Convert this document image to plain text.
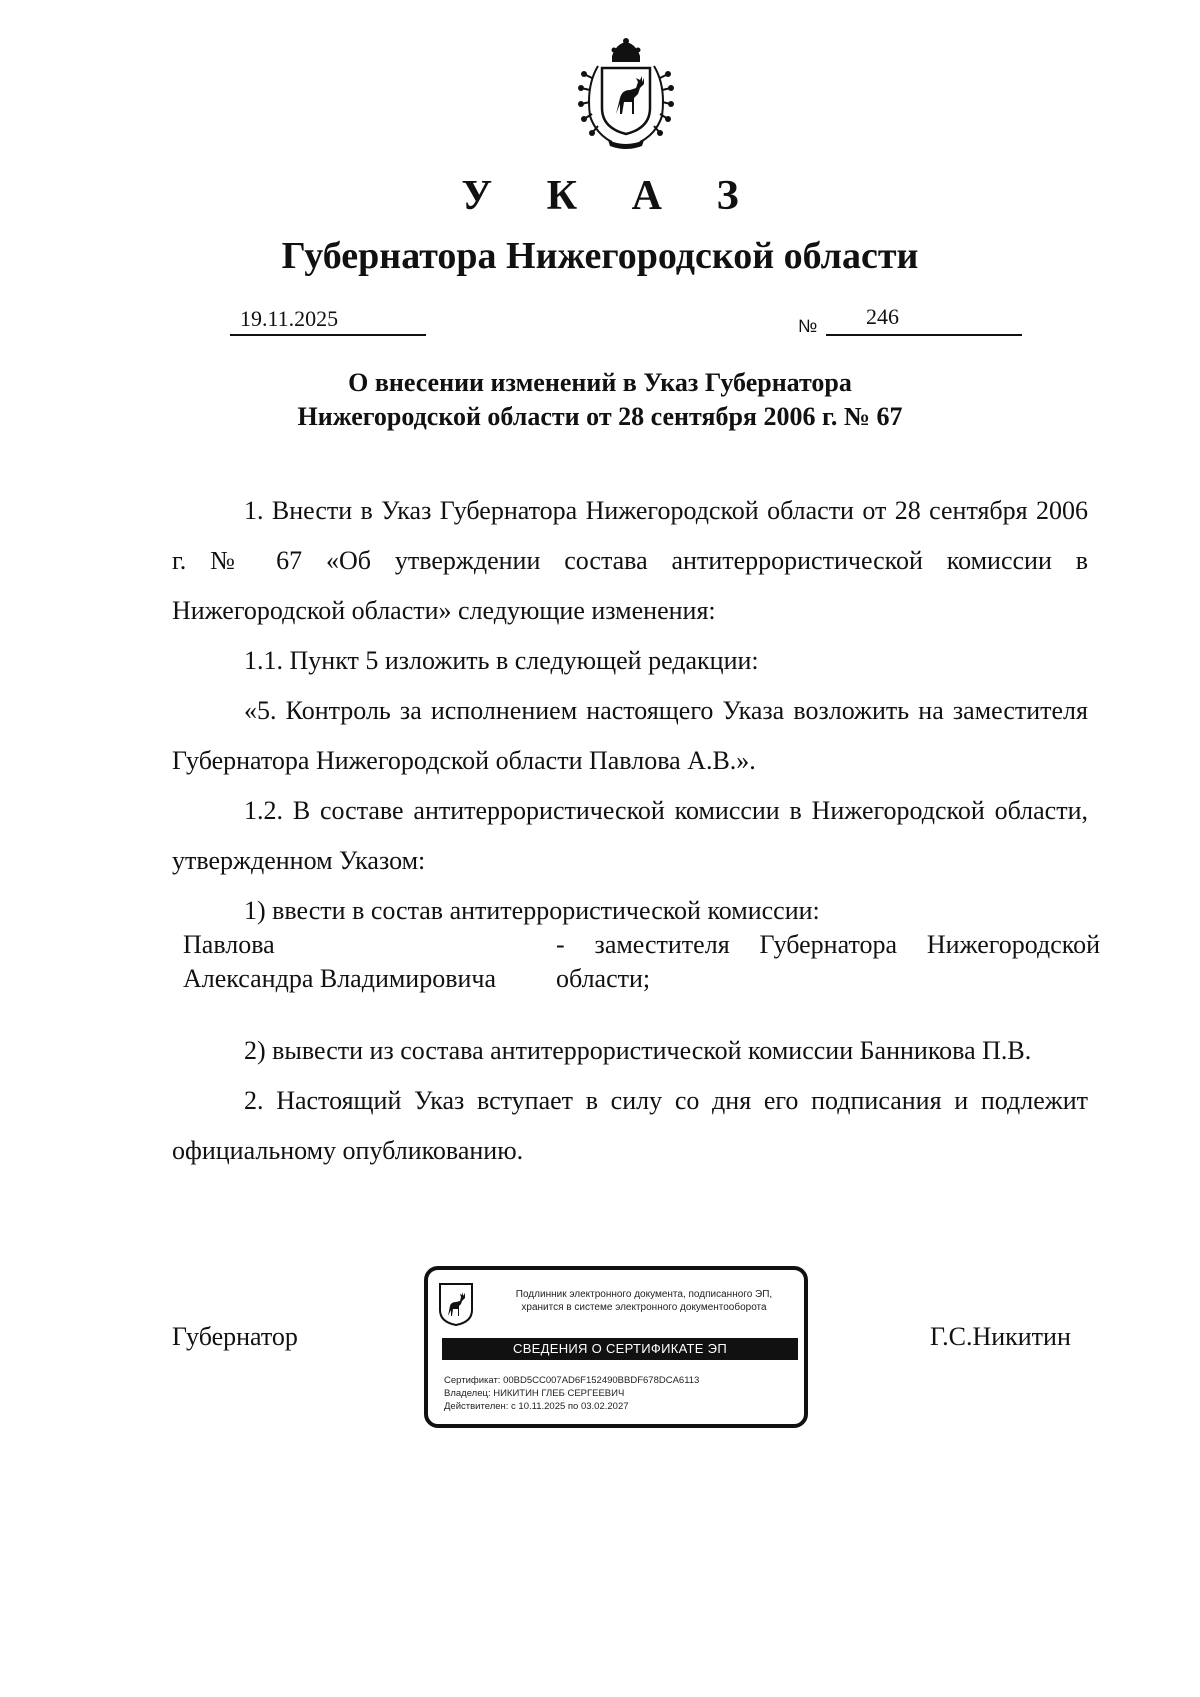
У К А З
Губернатора Нижегородской области
19.11.2025	№ 246
О внесении изменений в Указ Губернатора
Нижегородской области от 28 сентября 2006 г. № 67

1. Внести в Указ Губернатора Нижегородской области от 28 сентября 2006 г. № 67 «Об утверждении состава антитеррористической комиссии в Нижегородской области» следующие изменения:

1.1. Пункт 5 изложить в следующей редакции:

«5. Контроль за исполнением настоящего Указа возложить на заместителя Губернатора Нижегородской области Павлова А.В.».

1.2. В составе антитеррористической комиссии в Нижегородской области, утвержденном Указом:

1) ввести в состав антитеррористической комиссии:

Павлова
Александра Владимировича

- заместителя Губернатора Нижегородской области;

2) вывести из состава антитеррористической комиссии Банникова П.В.

2. Настоящий Указ вступает в силу со дня его подписания и подлежит официальному опубликованию.

Губернатор	Г.С.Никитин
Подлинник электронного документа, подписанного ЭП,
хранится в системе электронного документооборота
СВЕДЕНИЯ О СЕРТИФИКАТЕ ЭП
Сертификат: 00BD5CC007AD6F152490BBDF678DCA6113
Владелец: НИКИТИН ГЛЕБ СЕРГЕЕВИЧ
Действителен: с 10.11.2025 по 03.02.2027
